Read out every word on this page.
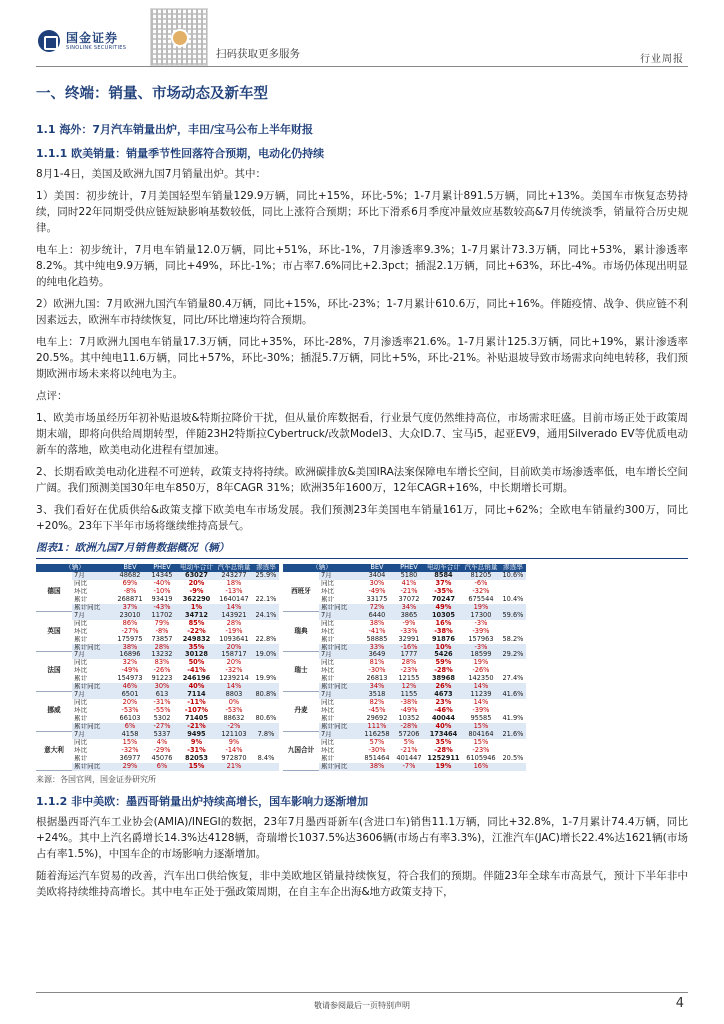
国金证券
SINOLINK SECURITIES
扫码获取更多服务	行业周报
一、终端：销量、市场动态及新车型
1.1 海外：7月汽车销量出炉，丰田/宝马公布上半年财报
1.1.1 欧美销量：销量季节性回落符合预期，电动化仍持续
8月1-4日，美国及欧洲九国7月销量出炉。其中：
1）美国：初步统计，7月美国轻型车销量129.9万辆，同比+15%，环比-5%；1-7月累计891.5万辆，同比+13%。美国车市恢复态势持续，同时22年同期受供应链短缺影响基数较低，同比上涨符合预期；环比下滑系6月季度冲量效应基数较高&7月传统淡季，销量符合历史规律。
电车上：初步统计，7月电车销量12.0万辆，同比+51%，环比-1%，7月渗透率9.3%；1-7月累计73.3万辆，同比+53%，累计渗透率8.2%。其中纯电9.9万辆，同比+49%，环比-1%；市占率7.6%同比+2.3pct；插混2.1万辆，同比+63%，环比-4%。市场仍体现出明显的纯电化趋势。
2）欧洲九国：7月欧洲九国汽车销量80.4万辆，同比+15%，环比-23%；1-7月累计610.6万，同比+16%。伴随疫情、战争、供应链不利因素远去，欧洲车市持续恢复，同比/环比增速均符合预期。
电车上：7月欧洲九国电车销量17.3万辆，同比+35%，环比-28%，7月渗透率21.6%。1-7月累计125.3万辆，同比+19%，累计渗透率20.5%。其中纯电11.6万辆，同比+57%，环比-30%；插混5.7万辆，同比+5%，环比-21%。补贴退坡导致市场需求向纯电转移，我们预期欧洲市场未来将以纯电为主。
点评：
1、欧美市场虽经历年初补贴退坡&特斯拉降价干扰，但从量价库数据看，行业景气度仍然维持高位，市场需求旺盛。目前市场正处于政策周期末端，即将向供给周期转型，伴随23H2特斯拉Cybertruck/改款Model3、大众ID.7、宝马i5，起亚EV9，通用Silverado EV等优质电动新车的落地，欧美电动化进程有望加速。
2、长期看欧美电动化进程不可逆转，政策支持将持续。欧洲碳排放&美国IRA法案保障电车增长空间，目前欧美市场渗透率低，电车增长空间广阔。我们预测美国30年电车850万，8年CAGR 31%；欧洲35年1600万，12年CAGR+16%，中长期增长可期。
3、我们看好在优质供给&政策支撑下欧美电车市场发展。我们预测23年美国电车销量161万，同比+62%；全欧电车销量约300万，同比+20%。23年下半年市场将继续维持高景气。
图表1：欧洲九国7月销售数据概况（辆）
（辆）		BEV	PHEV	电动车合计	汽车总销量	渗透率
德国	7月	48682	14345	63027	243277	25.9%
	同比	69%	-40%	20%	18%	
	环比	-8%	-10%	-9%	-13%	
	累计	268871	93419	362290	1640147	22.1%
	累计同比	37%	-43%	1%	14%	
英国	7月	23010	11702	34712	143921	24.1%
	同比	86%	79%	85%	28%	
	环比	-27%	-8%	-22%	-19%	
	累计	175975	73857	249832	1093641	22.8%
	累计同比	38%	28%	35%	20%	
法国	7月	16896	13232	30128	158717	19.0%
	同比	32%	83%	50%	20%	
	环比	-49%	-26%	-41%	-32%	
	累计	154973	91223	246196	1239214	19.9%
	累计同比	46%	30%	40%	14%	
挪威	7月	6501	613	7114	8803	80.8%
	同比	20%	-31%	-11%	0%	
	环比	-53%	-55%	-107%	-53%	
	累计	66103	5302	71405	88632	80.6%
	累计同比	6%	-27%	-21%	-2%	
意大利	7月	4158	5337	9495	121103	7.8%
	同比	15%	4%	9%	9%	
	环比	-32%	-29%	-31%	-14%	
	累计	36977	45076	82053	972870	8.4%
	累计同比	29%	6%	15%	21%	
（辆）		BEV	PHEV	电动车合计	汽车总销量	渗透率
西班牙	7月	3404	5180	8584	81205	10.6%
	同比	30%	41%	37%	-6%	
	环比	-49%	-21%	-35%	-32%	
	累计	33175	37072	70247	675544	10.4%
	累计同比	72%	34%	49%	19%	
瑞典	7月	6440	3865	10305	17300	59.6%
	同比	38%	-9%	16%	-3%	
	环比	-41%	-33%	-38%	-39%	
	累计	58885	32991	91876	157963	58.2%
	累计同比	33%	-16%	10%	-3%	
瑞士	7月	3649	1777	5426	18599	29.2%
	同比	81%	28%	59%	19%	
	环比	-30%	-23%	-28%	-26%	
	累计	26813	12155	38968	142350	27.4%
	累计同比	34%	12%	26%	14%	
丹麦	7月	3518	1155	4673	11239	41.6%
	同比	82%	-38%	23%	14%	
	环比	-45%	-49%	-46%	-39%	
	累计	29692	10352	40044	95585	41.9%
	累计同比	111%	-28%	40%	15%	
九国合计	7月	116258	57206	173464	804164	21.6%
	同比	57%	5%	35%	15%	
	环比	-30%	-21%	-28%	-23%	
	累计	851464	401447	1252911	6105946	20.5%
	累计同比	38%	-7%	19%	16%	
来源：各国官网，国金证券研究所
1.1.2 非中美欧：墨西哥销量出炉持续高增长，国车影响力逐渐增加
根据墨西哥汽车工业协会(AMIA)/INEGI的数据，23年7月墨西哥新车(含进口车)销售11.1万辆，同比+32.8%，1-7月累计74.4万辆，同比+24%。其中上汽名爵增长14.3%达4128辆，奇瑞增长1037.5%达3606辆(市场占有率3.3%)，江淮汽车(JAC)增长22.4%达1621辆(市场占有率1.5%)，中国车企的市场影响力逐渐增加。
随着海运汽车贸易的改善，汽车出口供给恢复，非中美欧地区销量持续恢复，符合我们的预期。伴随23年全球车市高景气，预计下半年非中美欧将持续维持高增长。其中电车正处于强政策周期，在自主车企出海&地方政策支持下，
敬请参阅最后一页特别声明	4
